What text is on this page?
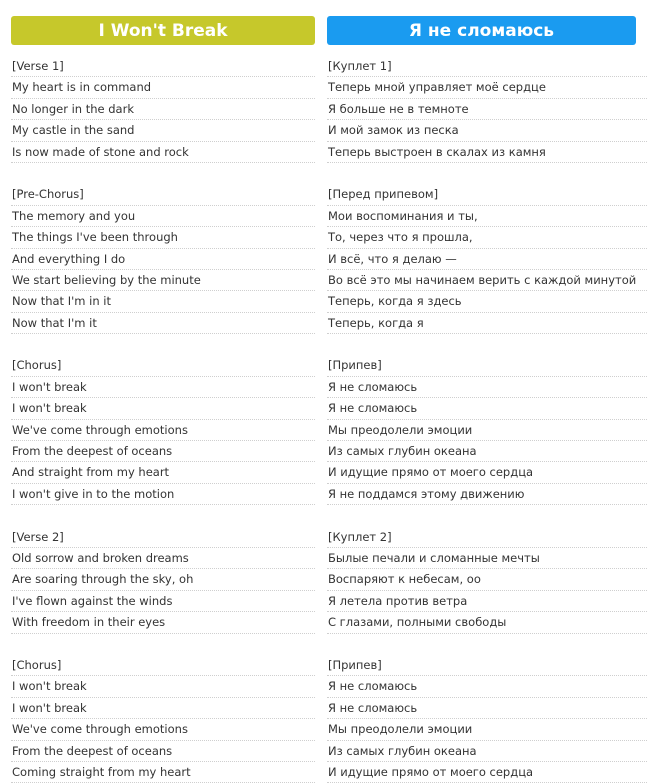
I Won't Break	Я не сломаюсь
[Verse 1]
My heart is in command
No longer in the dark
My castle in the sand
Is now made of stone and rock
[Pre-Chorus]
The memory and you
The things I've been through
And everything I do
We start believing by the minute
Now that I'm in it
Now that I'm it
[Chorus]
I won't break
I won't break
We've come through emotions
From the deepest of oceans
And straight from my heart
I won't give in to the motion
[Verse 2]
Old sorrow and broken dreams
Are soaring through the sky, oh
I've flown against the winds
With freedom in their eyes
[Chorus]
I won't break
I won't break
We've come through emotions
From the deepest of oceans
Coming straight from my heart
[Куплет 1]
Теперь мной управляет моё сердце
Я больше не в темноте
И мой замок из песка
Теперь выстроен в скалах из камня
[Перед припевом]
Мои воспоминания и ты,
То, через что я прошла,
И всё, что я делаю —
Во всё это мы начинаем верить с каждой минутой
Теперь, когда я здесь
Теперь, когда я
[Припев]
Я не сломаюсь
Я не сломаюсь
Мы преодолели эмоции
Из самых глубин океана
И идущие прямо от моего сердца
Я не поддамся этому движению
[Куплет 2]
Былые печали и сломанные мечты
Воспаряют к небесам, оо
Я летела против ветра
С глазами, полными свободы
[Припев]
Я не сломаюсь
Я не сломаюсь
Мы преодолели эмоции
Из самых глубин океана
И идущие прямо от моего сердца
